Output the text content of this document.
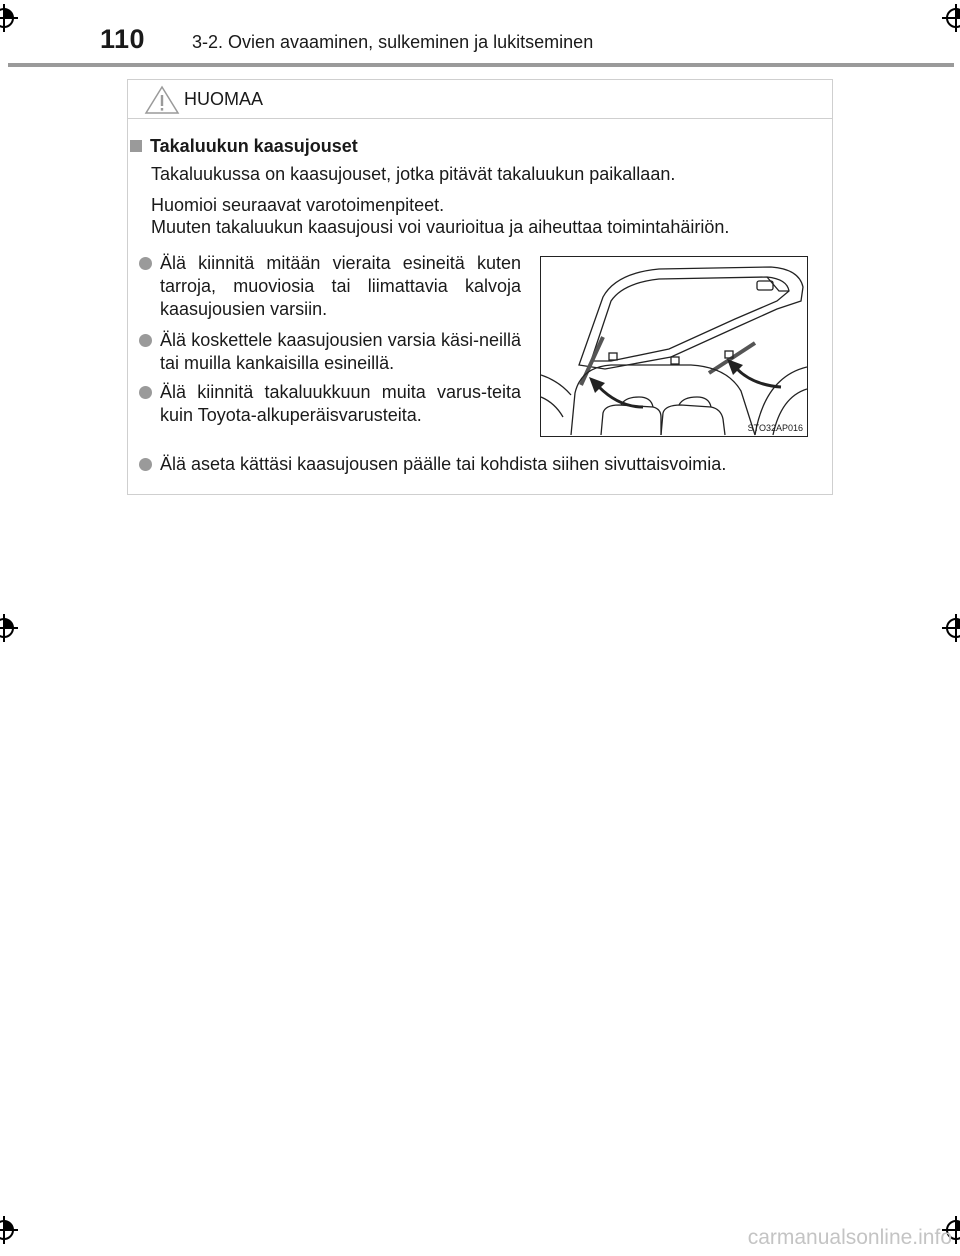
110	3-2. Ovien avaaminen, sulkeminen ja lukitseminen
HUOMAA
Takaluukun kaasujouset
Takaluukussa on kaasujouset, jotka pitävät takaluukun paikallaan.
Huomioi seuraavat varotoimenpiteet.
Muuten takaluukun kaasujousi voi vaurioitua ja aiheuttaa toimintahäiriön.
Älä kiinnitä mitään vieraita esineitä kuten tarroja, muoviosia tai liimattavia kalvoja kaasujousien varsiin.
Älä koskettele kaasujousien varsia käsi-neillä tai muilla kankaisilla esineillä.
Älä kiinnitä takaluukkuun muita varus-teita kuin Toyota-alkuperäisvarusteita.
Älä aseta kättäsi kaasujousen päälle tai kohdista siihen sivuttaisvoimia.
STO32AP016
carmanualsonline.info
